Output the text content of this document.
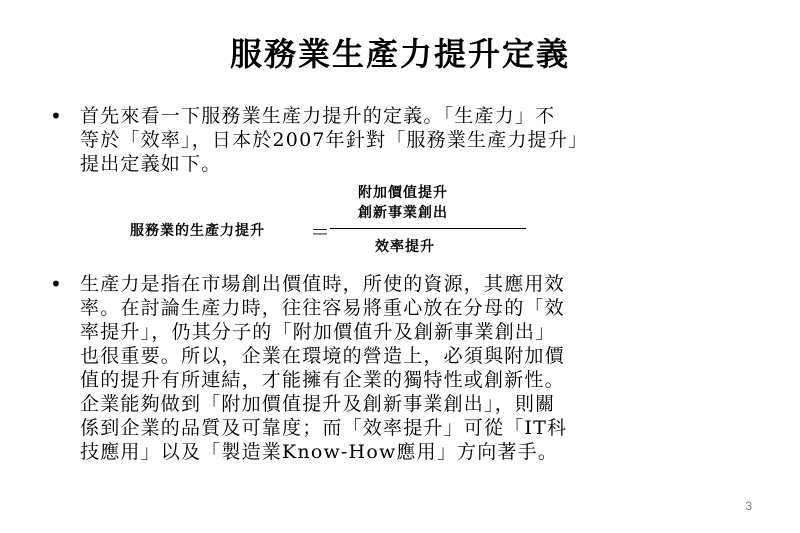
服務業生產力提升定義
• 首先來看一下服務業生產力提升的定義。「生產力」不
等於「效率」，日本於2007年針對「服務業生產力提升」
提出定義如下。
服務業的生產力提升 ＝
附加價值提升
創新事業創出
效率提升
• 生產力是指在市場創出價值時，所使的資源，其應用效
率。在討論生產力時，往往容易將重心放在分母的「效
率提升」，仍其分子的「附加價值升及創新事業創出」
也很重要。所以，企業在環境的營造上，必須與附加價
值的提升有所連結，才能擁有企業的獨特性或創新性。
企業能夠做到「附加價值提升及創新事業創出」，則關
係到企業的品質及可靠度；而「效率提升」可從「IT科
技應用」以及「製造業Know-How應用」方向著手。
3
